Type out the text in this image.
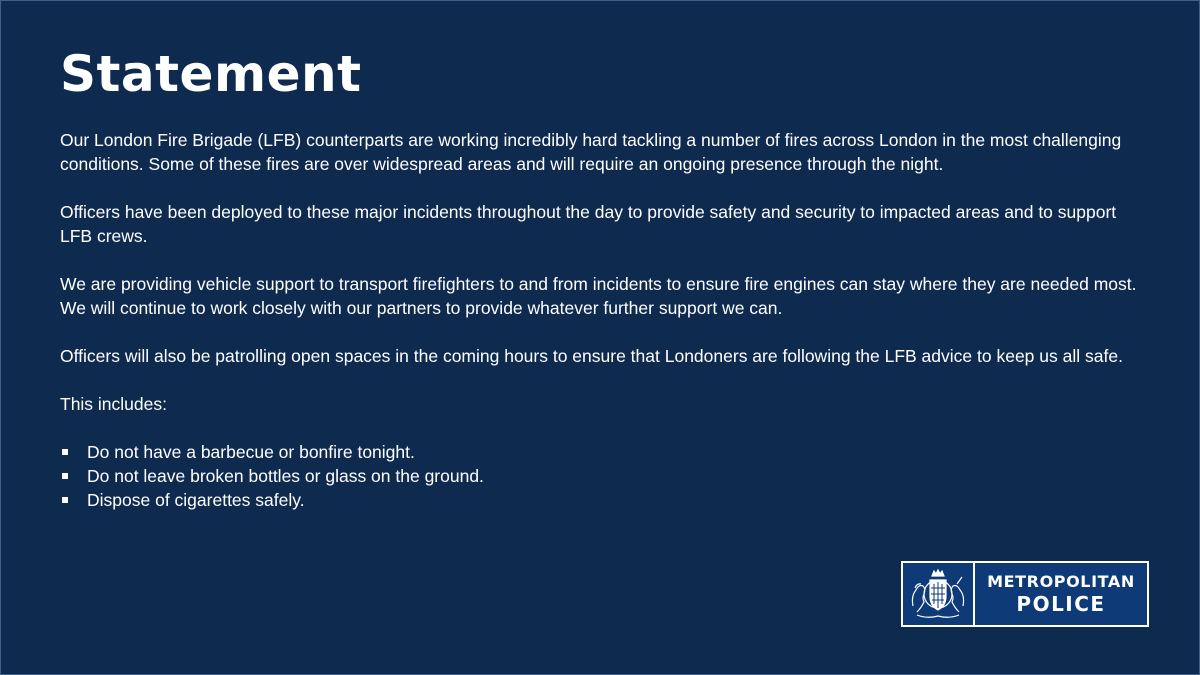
Statement

Our London Fire Brigade (LFB) counterparts are working incredibly hard tackling a number of fires across London in the most challenging conditions. Some of these fires are over widespread areas and will require an ongoing presence through the night.

Officers have been deployed to these major incidents throughout the day to provide safety and security to impacted areas and to support LFB crews.

We are providing vehicle support to transport firefighters to and from incidents to ensure fire engines can stay where they are needed most. We will continue to work closely with our partners to provide whatever further support we can.

Officers will also be patrolling open spaces in the coming hours to ensure that Londoners are following the LFB advice to keep us all safe.

This includes:

Do not have a barbecue or bonfire tonight.
Do not leave broken bottles or glass on the ground.
Dispose of cigarettes safely.
METROPOLITAN
POLICE
